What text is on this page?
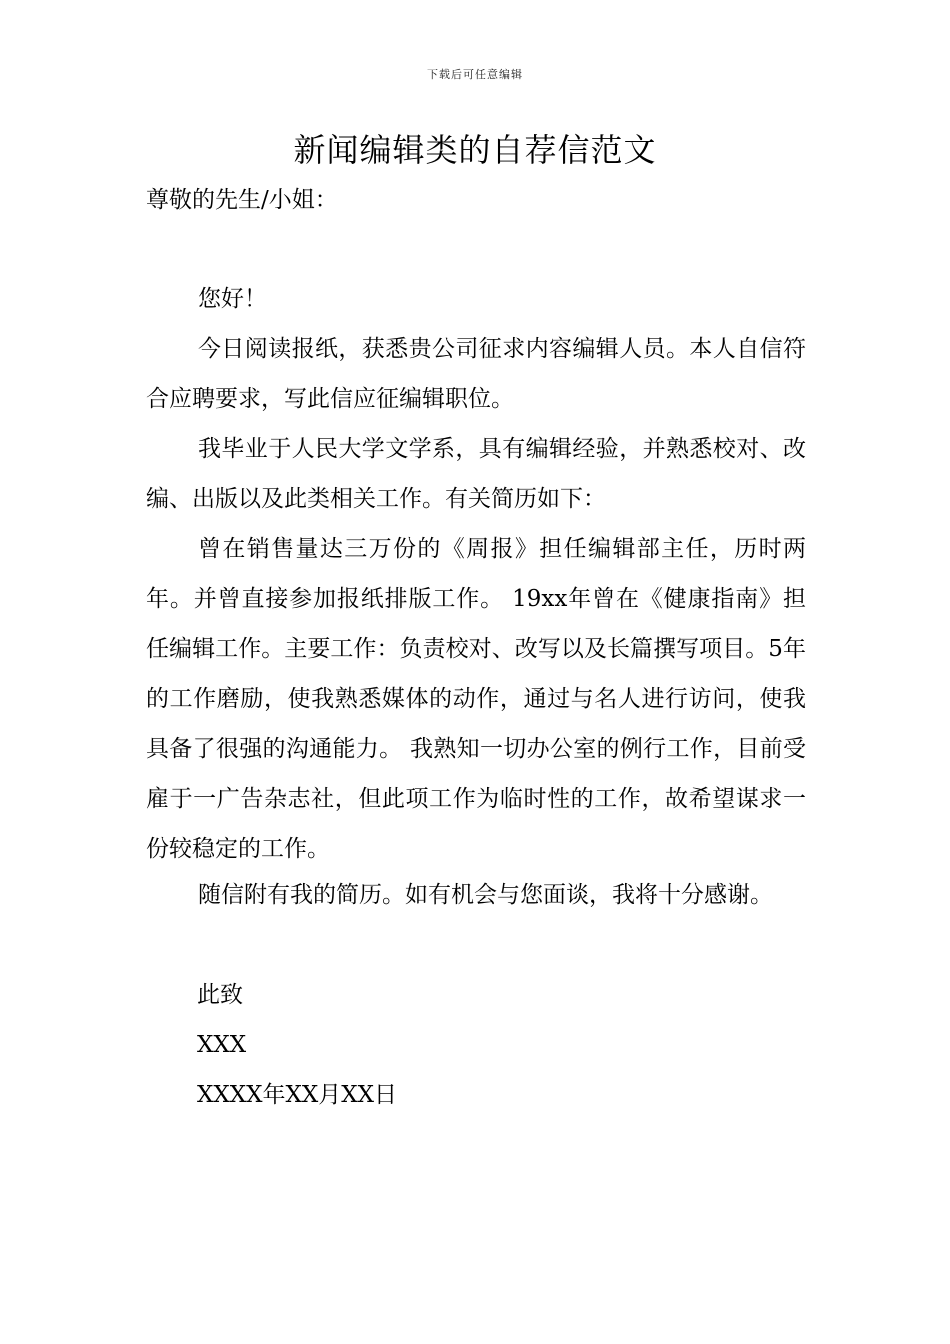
下载后可任意编辑
新闻编辑类的自荐信范文

尊敬的先生/小姐：

您好！

今日阅读报纸，获悉贵公司征求内容编辑人员。本人自信符合应聘要求，写此信应征编辑职位。

我毕业于人民大学文学系，具有编辑经验，并熟悉校对、改编、出版以及此类相关工作。有关简历如下：

曾在销售量达三万份的《周报》担任编辑部主任，历时两年。并曾直接参加报纸排版工作。 19xx年曾在《健康指南》担任编辑工作。主要工作：负责校对、改写以及长篇撰写项目。5年的工作磨励，使我熟悉媒体的动作，通过与名人进行访问，使我具备了很强的沟通能力。 我熟知一切办公室的例行工作，目前受雇于一广告杂志社，但此项工作为临时性的工作，故希望谋求一份较稳定的工作。

随信附有我的简历。如有机会与您面谈，我将十分感谢。

此致

XXX

XXXX年XX月XX日
